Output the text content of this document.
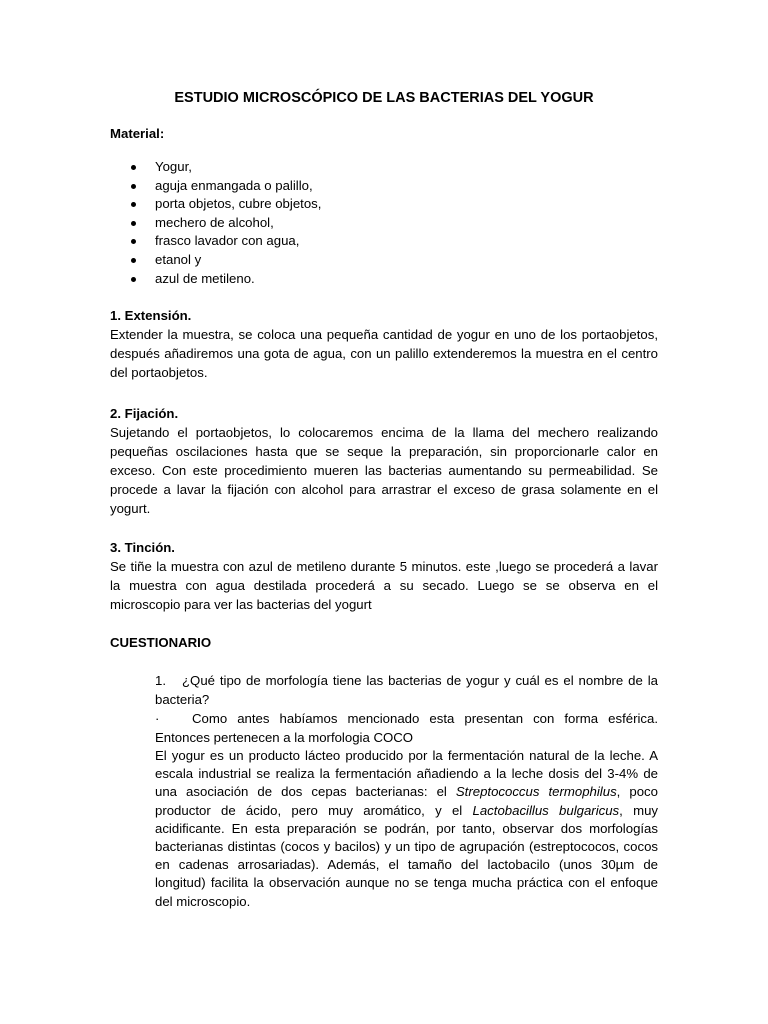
ESTUDIO MICROSCÓPICO DE LAS BACTERIAS DEL YOGUR
Material:
Yogur,
aguja enmangada o palillo,
porta objetos, cubre objetos,
mechero de alcohol,
frasco lavador con agua,
etanol y
azul de metileno.
1. Extensión.

Extender la muestra, se coloca una pequeña cantidad de yogur en uno de los portaobjetos, después añadiremos una gota de agua, con un palillo extenderemos la muestra en el centro del portaobjetos.

2. Fijación.

Sujetando el portaobjetos, lo colocaremos encima de la llama del mechero realizando pequeñas oscilaciones hasta que se seque la preparación, sin proporcionarle calor en exceso. Con este procedimiento mueren las bacterias aumentando su permeabilidad. Se procede a lavar la fijación con alcohol para arrastrar el exceso de grasa solamente en el yogurt.

3. Tinción.

Se tiñe la muestra con azul de metileno durante 5 minutos. este ,luego se procederá a lavar la muestra con agua destilada procederá a su secado. Luego se se observa en el microscopio para ver las bacterias del yogurt

CUESTIONARIO
1. ¿Qué tipo de morfología tiene las bacterias de yogur y cuál es el nombre de la bacteria?
· Como antes habíamos mencionado esta presentan con forma esférica. Entonces pertenecen a la morfologia COCO

El yogur es un producto lácteo producido por la fermentación natural de la leche. A escala industrial se realiza la fermentación añadiendo a la leche dosis del 3-4% de una asociación de dos cepas bacterianas: el Streptococcus termophilus, poco productor de ácido, pero muy aromático, y el Lactobacillus bulgaricus, muy acidificante. En esta preparación se podrán, por tanto, observar dos morfologías bacterianas distintas (cocos y bacilos) y un tipo de agrupación (estreptococos, cocos en cadenas arrosariadas). Además, el tamaño del lactobacilo (unos 30µm de longitud) facilita la observación aunque no se tenga mucha práctica con el enfoque del microscopio.
